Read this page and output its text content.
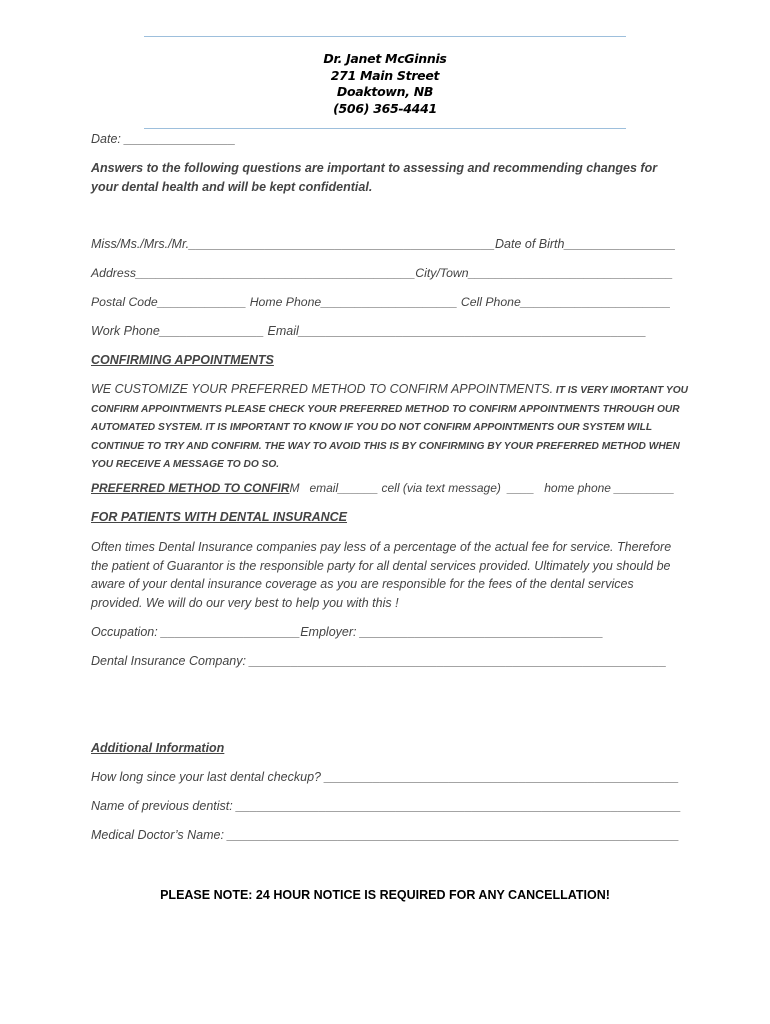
Dr. Janet McGinnis
271 Main Street
Doaktown, NB
(506) 365-4441
Date: ________________
Answers to the following questions are important to assessing and recommending changes for your dental health and will be kept confidential.
Miss/Ms./Mrs./Mr.____________________________________________Date of Birth________________
Address_________________________________________City/Town______________________________
Postal Code_____________ Home Phone____________________ Cell Phone______________________
Work Phone_______________ Email__________________________________________________
CONFIRMING APPOINTMENTS
WE CUSTOMIZE YOUR PREFERRED METHOD TO CONFIRM APPOINTMENTS. IT IS VERY IMORTANT YOU CONFIRM APPOINTMENTS PLEASE CHECK YOUR PREFERRED METHOD TO CONFIRM APPOINTMENTS THROUGH OUR AUTOMATED SYSTEM. IT IS IMPORTANT TO KNOW IF YOU DO NOT CONFIRM APPOINTMENTS OUR SYSTEM WILL CONTINUE TO TRY AND CONFIRM. THE WAY TO AVOID THIS IS BY CONFIRMING BY YOUR PREFERRED METHOD WHEN YOU RECEIVE A MESSAGE TO DO SO.
PREFERRED METHOD TO CONFIRM   email______ cell (via text message)  ____   home phone _________
FOR PATIENTS WITH DENTAL INSURANCE
Often times Dental Insurance companies pay less of a percentage of the actual fee for service. Therefore the patient of Guarantor is the responsible party for all dental services provided. Ultimately you should be aware of your dental insurance coverage as you are responsible for the fees of the dental services provided. We will do our very best to help you with this !
Occupation: ____________________Employer: ___________________________________
Dental Insurance Company: ____________________________________________________________
Additional Information
How long since your last dental checkup? ___________________________________________________
Name of previous dentist: ________________________________________________________________
Medical Doctor’s Name: _________________________________________________________________
PLEASE NOTE: 24 HOUR NOTICE IS REQUIRED FOR ANY CANCELLATION!
